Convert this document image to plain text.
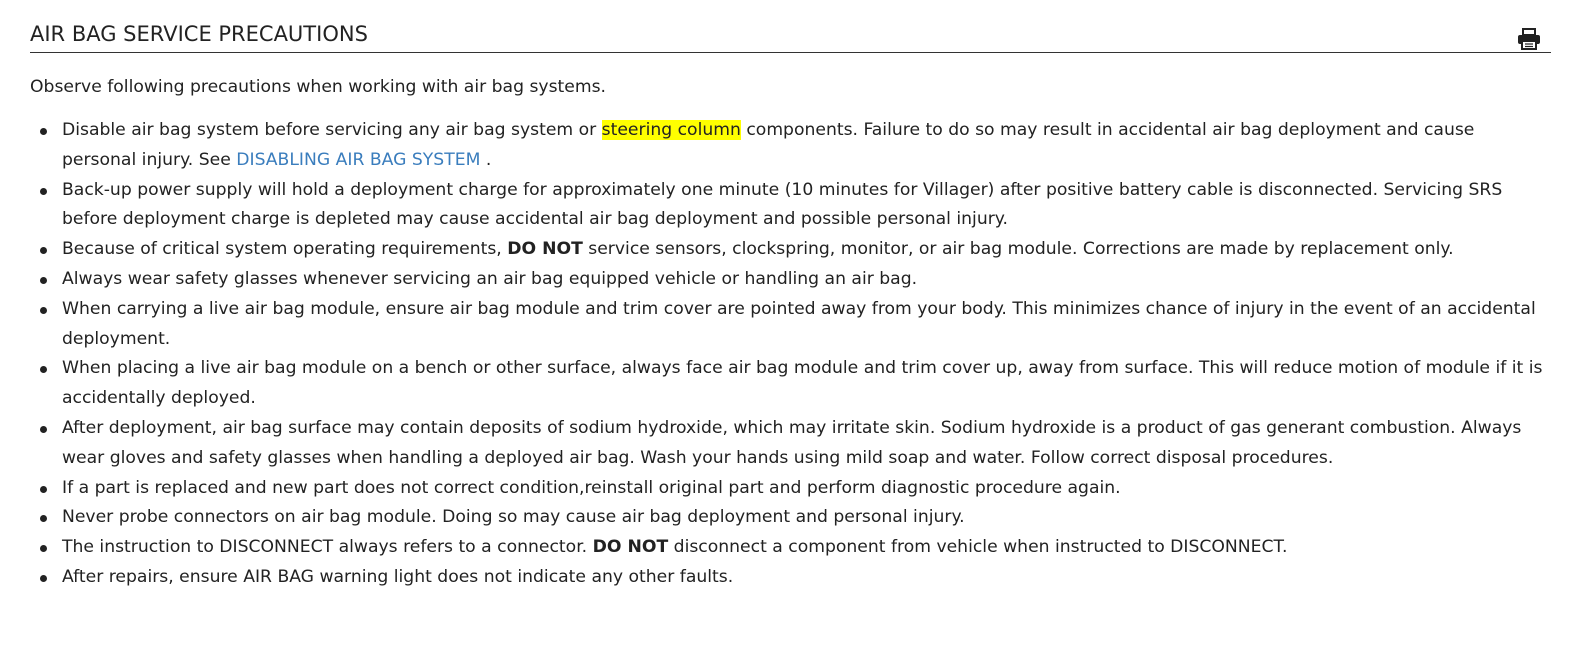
AIR BAG SERVICE PRECAUTIONS

Observe following precautions when working with air bag systems.

Disable air bag system before servicing any air bag system or steering column components. Failure to do so may result in accidental air bag deployment and cause personal injury. See DISABLING AIR BAG SYSTEM .
Back-up power supply will hold a deployment charge for approximately one minute (10 minutes for Villager) after positive battery cable is disconnected. Servicing SRS before deployment charge is depleted may cause accidental air bag deployment and possible personal injury.
Because of critical system operating requirements, DO NOT service sensors, clockspring, monitor, or air bag module. Corrections are made by replacement only.
Always wear safety glasses whenever servicing an air bag equipped vehicle or handling an air bag.
When carrying a live air bag module, ensure air bag module and trim cover are pointed away from your body. This minimizes chance of injury in the event of an accidental deployment.
When placing a live air bag module on a bench or other surface, always face air bag module and trim cover up, away from surface. This will reduce motion of module if it is accidentally deployed.
After deployment, air bag surface may contain deposits of sodium hydroxide, which may irritate skin. Sodium hydroxide is a product of gas generant combustion. Always wear gloves and safety glasses when handling a deployed air bag. Wash your hands using mild soap and water. Follow correct disposal procedures.
If a part is replaced and new part does not correct condition,reinstall original part and perform diagnostic procedure again.
Never probe connectors on air bag module. Doing so may cause air bag deployment and personal injury.
The instruction to DISCONNECT always refers to a connector. DO NOT disconnect a component from vehicle when instructed to DISCONNECT.
After repairs, ensure AIR BAG warning light does not indicate any other faults.
